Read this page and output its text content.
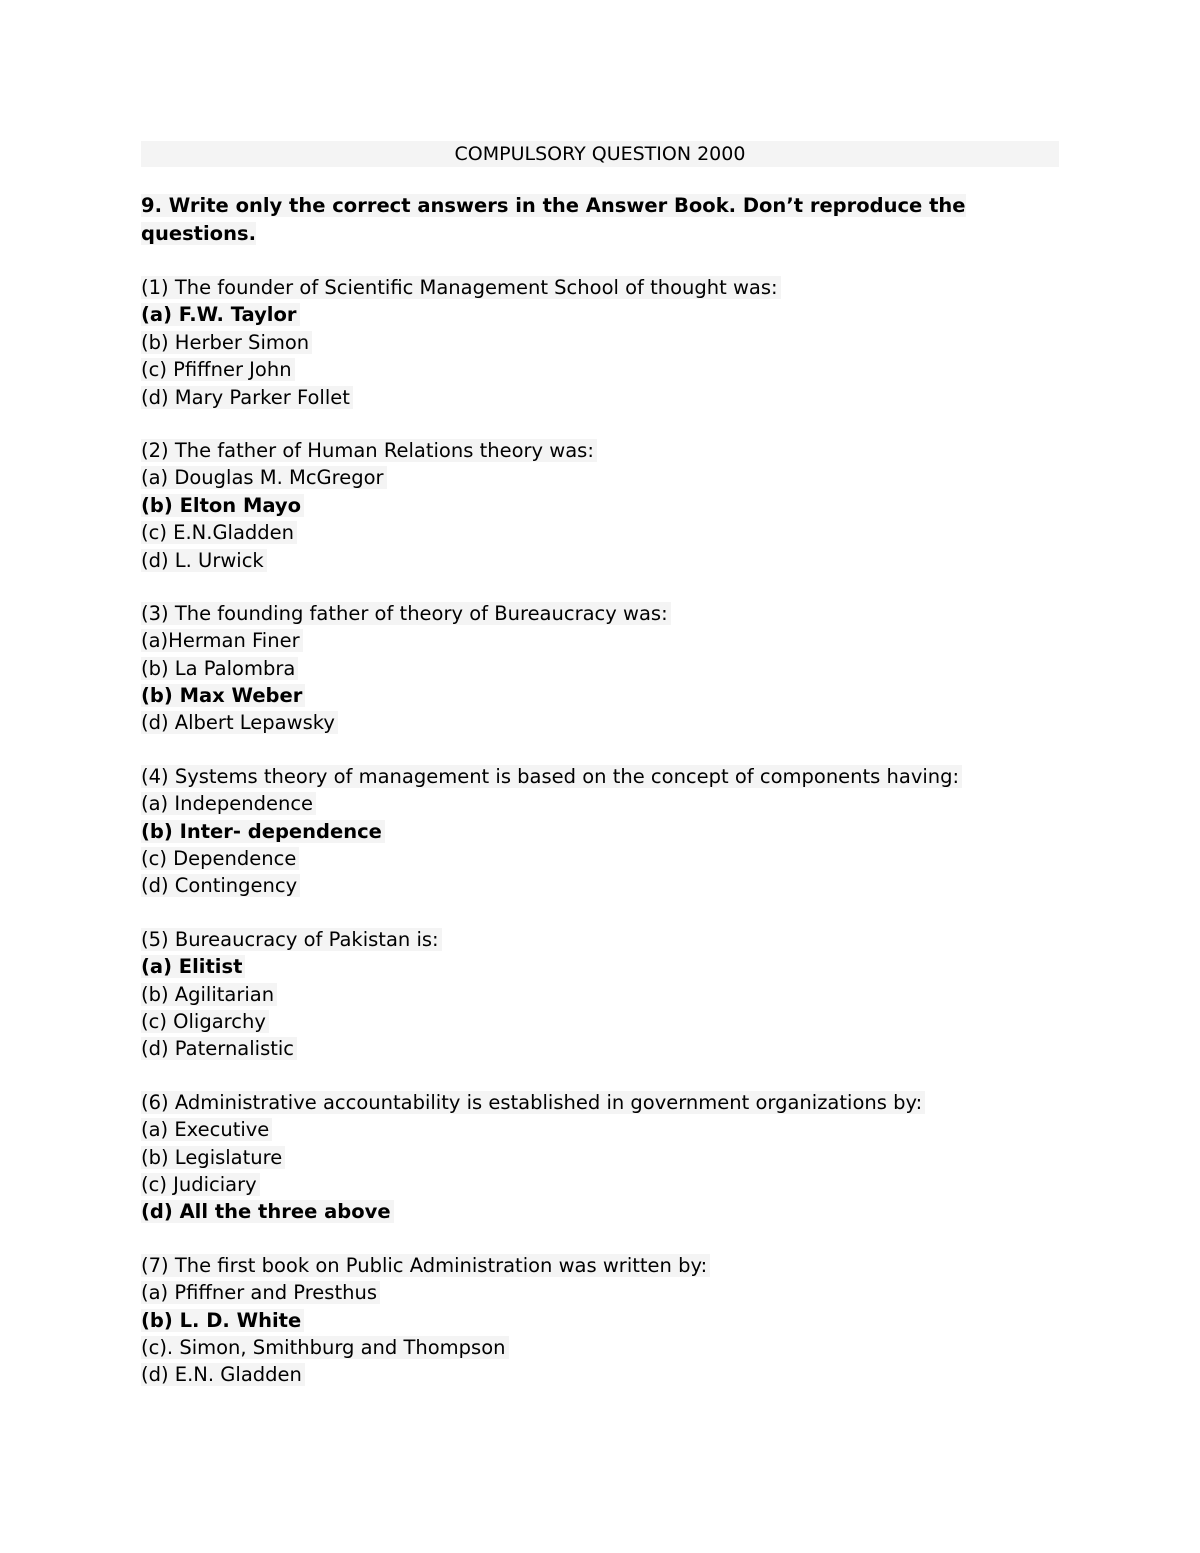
COMPULSORY QUESTION 2000
9. Write only the correct answers in the Answer Book. Don’t reproduce the questions.
(1) The founder of Scientific Management School of thought was:
(a) F.W. Taylor
(b) Herber Simon
(c) Pfiffner John
(d) Mary Parker Follet
(2) The father of Human Relations theory was:
(a) Douglas M. McGregor
(b) Elton Mayo
(c) E.N.Gladden
(d) L. Urwick
(3) The founding father of theory of Bureaucracy was:
(a)Herman Finer
(b) La Palombra
(b) Max Weber
(d) Albert Lepawsky
(4) Systems theory of management is based on the concept of components having:
(a) Independence
(b) Inter- dependence
(c) Dependence
(d) Contingency
(5) Bureaucracy of Pakistan is:
(a) Elitist
(b) Agilitarian
(c) Oligarchy
(d) Paternalistic
(6) Administrative accountability is established in government organizations by:
(a) Executive
(b) Legislature
(c) Judiciary
(d) All the three above
(7) The first book on Public Administration was written by:
(a) Pfiffner and Presthus
(b) L. D. White
(c). Simon, Smithburg and Thompson
(d) E.N. Gladden
